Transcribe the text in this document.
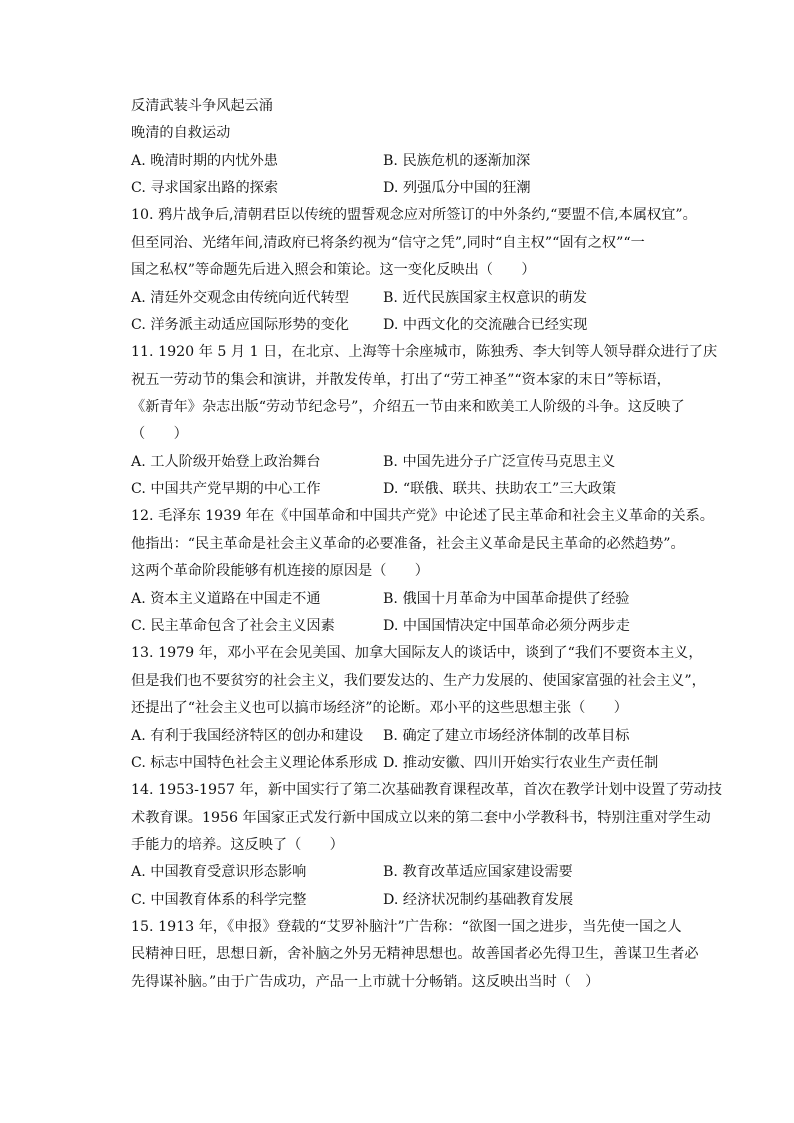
反清武装斗争风起云涌
晚清的自救运动
A. 晚清时期的内忧外患	B. 民族危机的逐渐加深
C. 寻求国家出路的探索	D. 列强瓜分中国的狂潮
10. 鸦片战争后,清朝君臣以传统的盟誓观念应对所签订的中外条约,“要盟不信,本属权宜”。
但至同治、光绪年间,清政府已将条约视为“信守之凭”,同时“自主权”“固有之权”“一
国之私权”等命题先后进入照会和策论。这一变化反映出（　　）
A. 清廷外交观念由传统向近代转型 B. 近代民族国家主权意识的萌发
C. 洋务派主动适应国际形势的变化 D. 中西文化的交流融合已经实现
11. 1920 年 5 月 1 日，在北京、上海等十余座城市，陈独秀、李大钊等人领导群众进行了庆
祝五一劳动节的集会和演讲，并散发传单，打出了“劳工神圣”“资本家的末日”等标语，
《新青年》杂志出版“劳动节纪念号”，介绍五一节由来和欧美工人阶级的斗争。这反映了
（　　）
A. 工人阶级开始登上政治舞台	B. 中国先进分子广泛宣传马克思主义
C. 中国共产党早期的中心工作	D. “联俄、联共、扶助农工”三大政策
12. 毛泽东 1939 年在《中国革命和中国共产党》中论述了民主革命和社会主义革命的关系。
他指出：“民主革命是社会主义革命的必要准备，社会主义革命是民主革命的必然趋势”。
这两个革命阶段能够有机连接的原因是（　　）
A. 资本主义道路在中国走不通	B. 俄国十月革命为中国革命提供了经验
C. 民主革命包含了社会主义因素	D. 中国国情决定中国革命必须分两步走
13. 1979 年，邓小平在会见美国、加拿大国际友人的谈话中，谈到了“我们不要资本主义，
但是我们也不要贫穷的社会主义，我们要发达的、生产力发展的、使国家富强的社会主义”，
还提出了“社会主义也可以搞市场经济”的论断。邓小平的这些思想主张（　　）
A. 有利于我国经济特区的创办和建设 B. 确定了建立市场经济体制的改革目标
C. 标志中国特色社会主义理论体系形成 D. 推动安徽、四川开始实行农业生产责任制
14. 1953-1957 年，新中国实行了第二次基础教育课程改革，首次在教学计划中设置了劳动技
术教育课。1956 年国家正式发行新中国成立以来的第二套中小学教科书，特别注重对学生动
手能力的培养。这反映了（　　）
A. 中国教育受意识形态影响	B. 教育改革适应国家建设需要
C. 中国教育体系的科学完整	D. 经济状况制约基础教育发展
15. 1913 年，《申报》登载的“艾罗补脑汁”广告称：“欲图一国之进步，当先使一国之人
民精神日旺，思想日新，舍补脑之外另无精神思想也。故善国者必先得卫生，善谋卫生者必
先得谋补脑。”由于广告成功，产品一上市就十分畅销。这反映出当时（　）
